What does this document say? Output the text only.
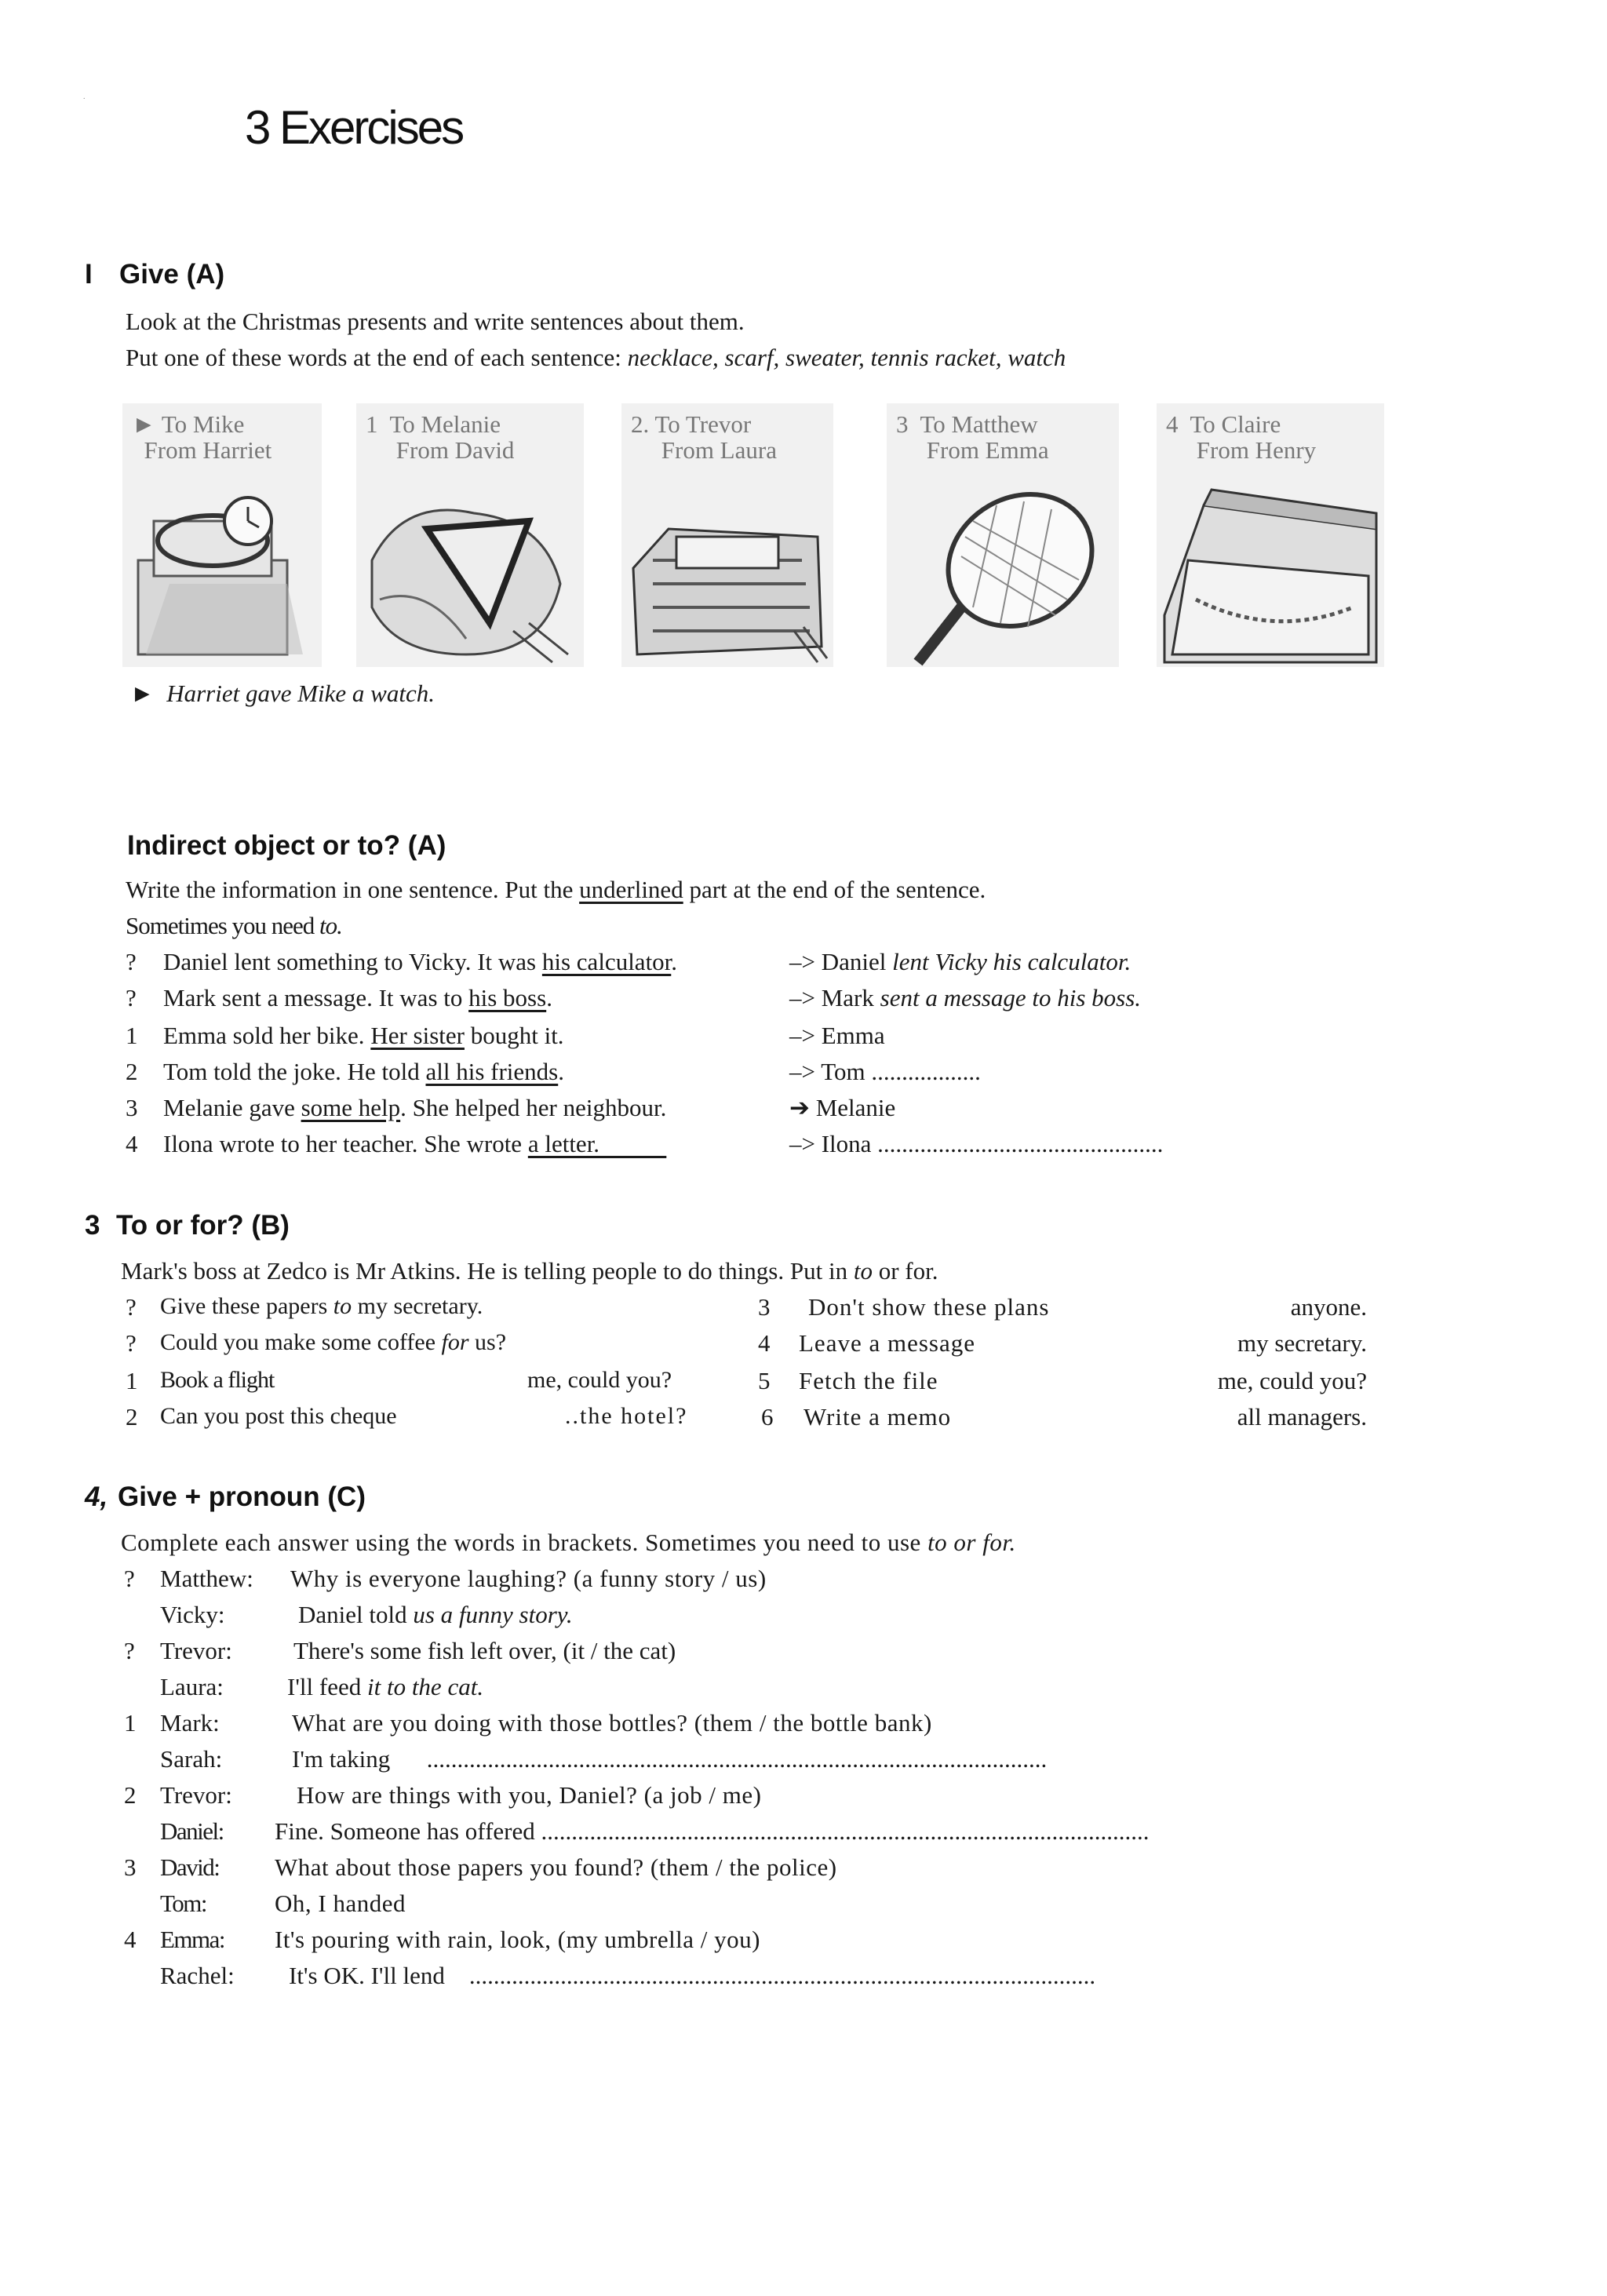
.
3 Exercises
I Give (A)
Look at the Christmas presents and write sentences about them.
Put one of these words at the end of each sentence: necklace, scarf, sweater, tennis racket, watch
► To Mike
From Harriet
1 To Melanie
From David
2. To Trevor
From Laura
3 To Matthew
From Emma
4 To Claire
From Henry
► Harriet gave Mike a watch.
Indirect object or to? (A)
Write the information in one sentence. Put the underlined part at the end of the sentence.
Sometimes you need to.
? Daniel lent something to Vicky. It was his calculator.	–> Daniel lent Vicky his calculator.
? Mark sent a message. It was to his boss.	–> Mark sent a message to his boss.
1 Emma sold her bike. Her sister bought it.	–> Emma
2 Tom told the joke. He told all his friends.	–> Tom ..................
3 Melanie gave some help. She helped her neighbour.	➔ Melanie
4 Ilona wrote to her teacher. She wrote a letter.	–> Ilona ...............................................
3 To or for? (B)
Mark's boss at Zedco is Mr Atkins. He is telling people to do things. Put in to or for.
? Give these papers to my secretary.
? Could you make some coffee for us?
1 Book a flight	me, could you?
2 Can you post this cheque	..the hotel?
3 Don't show these plans	anyone.
4 Leave a message	my secretary.
5 Fetch the file	me, could you?
6 Write a memo	all managers.
4, Give + pronoun (C)
Complete each answer using the words in brackets. Sometimes you need to use to or for.
? Matthew: Why is everyone laughing? (a funny story / us)
Vicky:	Daniel told us a funny story.
? Trevor:	There's some fish left over, (it / the cat)
Laura:	I'll feed it to the cat.
1 Mark:	What are you doing with those bottles? (them / the bottle bank)
Sarah:	I'm taking      ......................................................................................................
2 Trevor:	How are things with you, Daniel? (a job / me)
Daniel: Fine. Someone has offered ....................................................................................................
3 David: What about those papers you found? (them / the police)
Tom:	Oh, I handed
4 Emma: It's pouring with rain, look, (my umbrella / you)
Rachel: It's OK. I'll lend    .......................................................................................................
